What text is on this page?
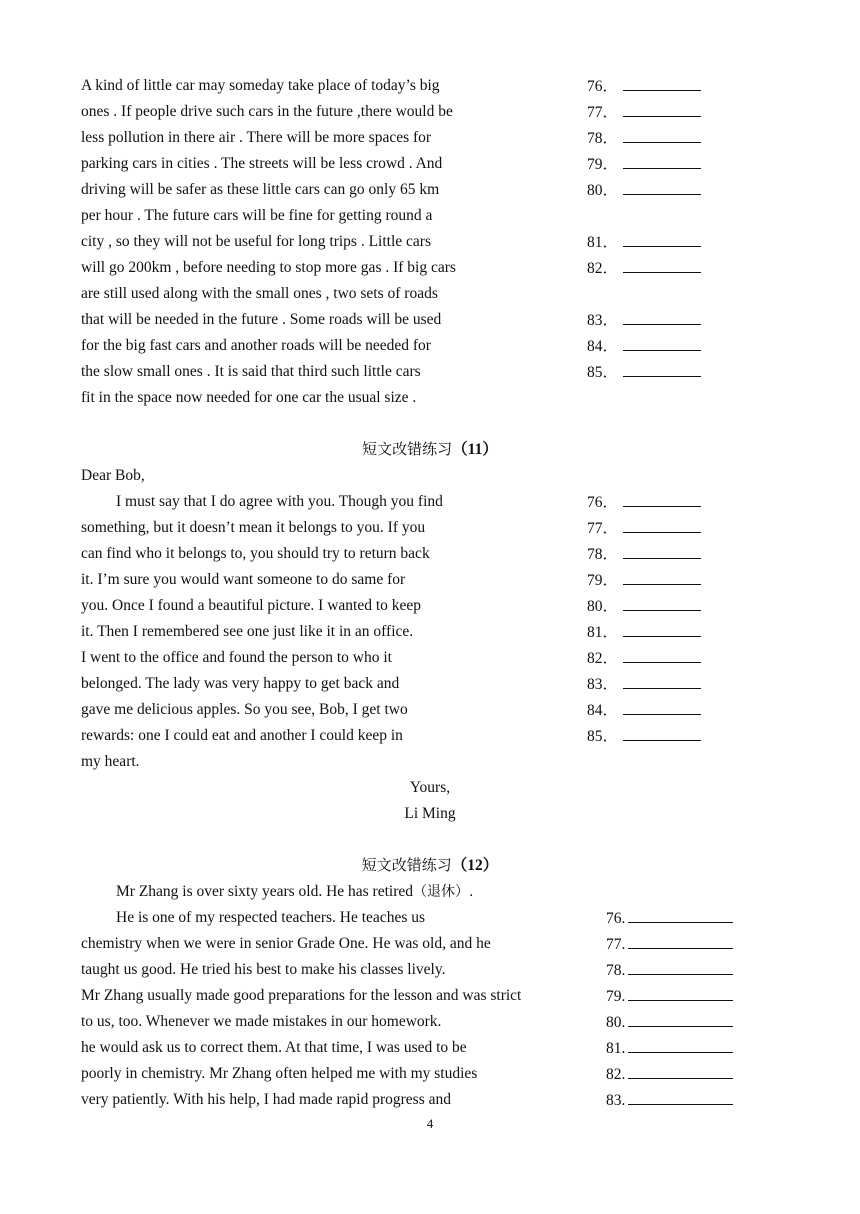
A kind of little car may someday take place of today’s big
ones . If people drive such cars in the future ,there would be
less pollution in there air . There will be more spaces for
parking cars in cities . The streets will be less crowd . And
driving will be safer as these little cars can go only 65 km
per hour . The future cars will be fine for getting round a
city , so they will not be useful for long trips . Little cars
will go 200km , before needing to stop more gas . If big cars
are still used along with the small ones , two sets of roads
that will be needed in the future . Some roads will be used
for the big fast cars and another roads will be needed for
the slow small ones . It is said that third such little cars
fit in the space now needed for one car the usual size .
76．
77．
78．
79．
80．
81．
82．
83．
84．
85．
短文改错练习（11）
Dear Bob,
I must say that I do agree with you. Though you find
something, but it doesn’t mean it belongs to you. If you
can find who it belongs to, you should try to return back
it. I’m sure you would want someone to do same for
you. Once I found a beautiful picture. I wanted to keep
it. Then I remembered see one just like it in an office.
I went to the office and found the person to who it
belonged. The lady was very happy to get back and
gave me delicious apples. So you see, Bob, I get two
rewards: one I could eat and another I could keep in
my heart.
Yours,
Li Ming
76．
77．
78．
79．
80．
81．
82．
83．
84．
85．
短文改错练习（12）
Mr Zhang is over sixty years old. He has retired（退休）.
He is one of my respected teachers. He teaches us
chemistry when we were in senior Grade One. He was old, and he
taught us good. He tried his best to make his classes lively.
Mr Zhang usually made good preparations for the lesson and was strict
to us, too. Whenever we made mistakes in our homework.
he would ask us to correct them. At that time, I was used to be
poorly in chemistry. Mr Zhang often helped me with my studies
very patiently. With his help, I had made rapid progress and
76.
77.
78.
79.
80.
81.
82.
83.
4
